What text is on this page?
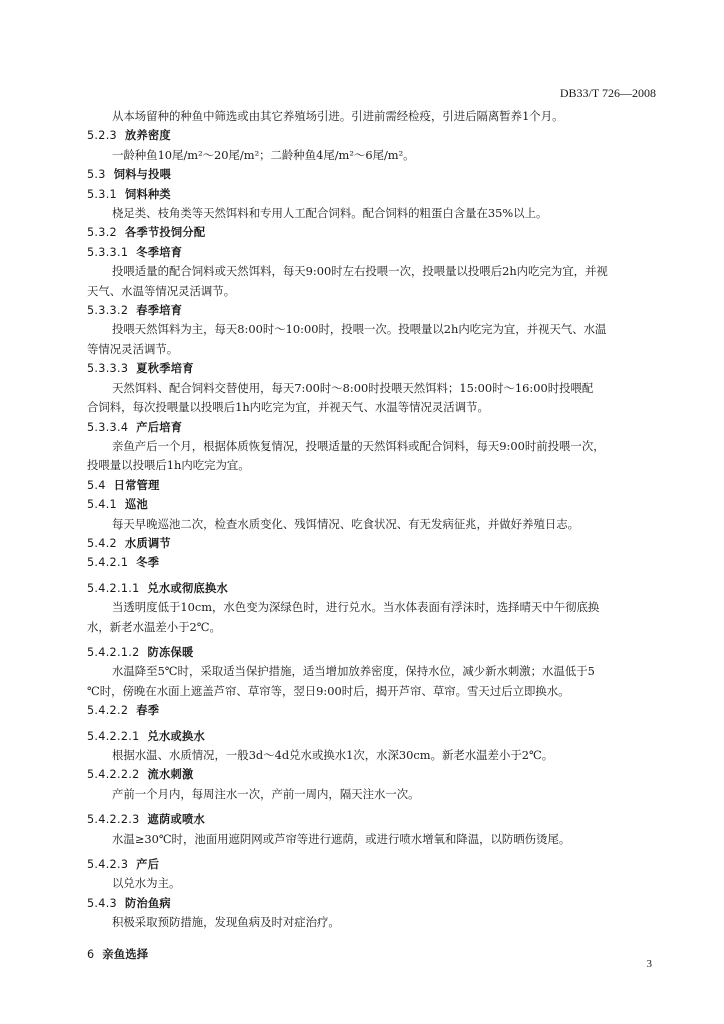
DB33/T 726—2008

从本场留种的种鱼中筛选或由其它养殖场引进。引进前需经检疫，引进后隔离暂养1个月。

5.2.3 放养密度

一龄种鱼10尾/m²～20尾/m²；二龄种鱼4尾/m²～6尾/m²。

5.3 饲料与投喂

5.3.1 饲料种类

桡足类、枝角类等天然饵料和专用人工配合饲料。配合饲料的粗蛋白含量在35%以上。

5.3.2 各季节投饲分配

5.3.3.1 冬季培育

投喂适量的配合饲料或天然饵料，每天9:00时左右投喂一次，投喂量以投喂后2h内吃完为宜，并视

天气、水温等情况灵活调节。

5.3.3.2 春季培育

投喂天然饵料为主，每天8:00时～10:00时，投喂一次。投喂量以2h内吃完为宜，并视天气、水温

等情况灵活调节。

5.3.3.3 夏秋季培育

天然饵料、配合饲料交替使用，每天7:00时～8:00时投喂天然饵料；15:00时～16:00时投喂配

合饲料，每次投喂量以投喂后1h内吃完为宜，并视天气、水温等情况灵活调节。

5.3.3.4 产后培育

亲鱼产后一个月，根据体质恢复情况，投喂适量的天然饵料或配合饲料，每天9:00时前投喂一次，

投喂量以投喂后1h内吃完为宜。

5.4 日常管理

5.4.1 巡池

每天早晚巡池二次，检查水质变化、残饵情况、吃食状况、有无发病征兆，并做好养殖日志。

5.4.2 水质调节

5.4.2.1 冬季

5.4.2.1.1 兑水或彻底换水

当透明度低于10cm，水色变为深绿色时，进行兑水。当水体表面有浮沫时，选择晴天中午彻底换

水，新老水温差小于2℃。

5.4.2.1.2 防冻保暖

水温降至5℃时，采取适当保护措施，适当增加放养密度，保持水位，减少新水刺激；水温低于5

℃时，傍晚在水面上遮盖芦帘、草帘等，翌日9:00时后，揭开芦帘、草帘。雪天过后立即换水。

5.4.2.2 春季

5.4.2.2.1 兑水或换水

根据水温、水质情况，一般3d～4d兑水或换水1次，水深30cm。新老水温差小于2℃。

5.4.2.2.2 流水刺激

产前一个月内，每周注水一次，产前一周内，隔天注水一次。

5.4.2.2.3 遮荫或喷水

水温≥30℃时，池面用遮阴网或芦帘等进行遮荫，或进行喷水增氧和降温，以防晒伤烫尾。

5.4.2.3 产后

以兑水为主。

5.4.3 防治鱼病

积极采取预防措施，发现鱼病及时对症治疗。

6 亲鱼选择

3
